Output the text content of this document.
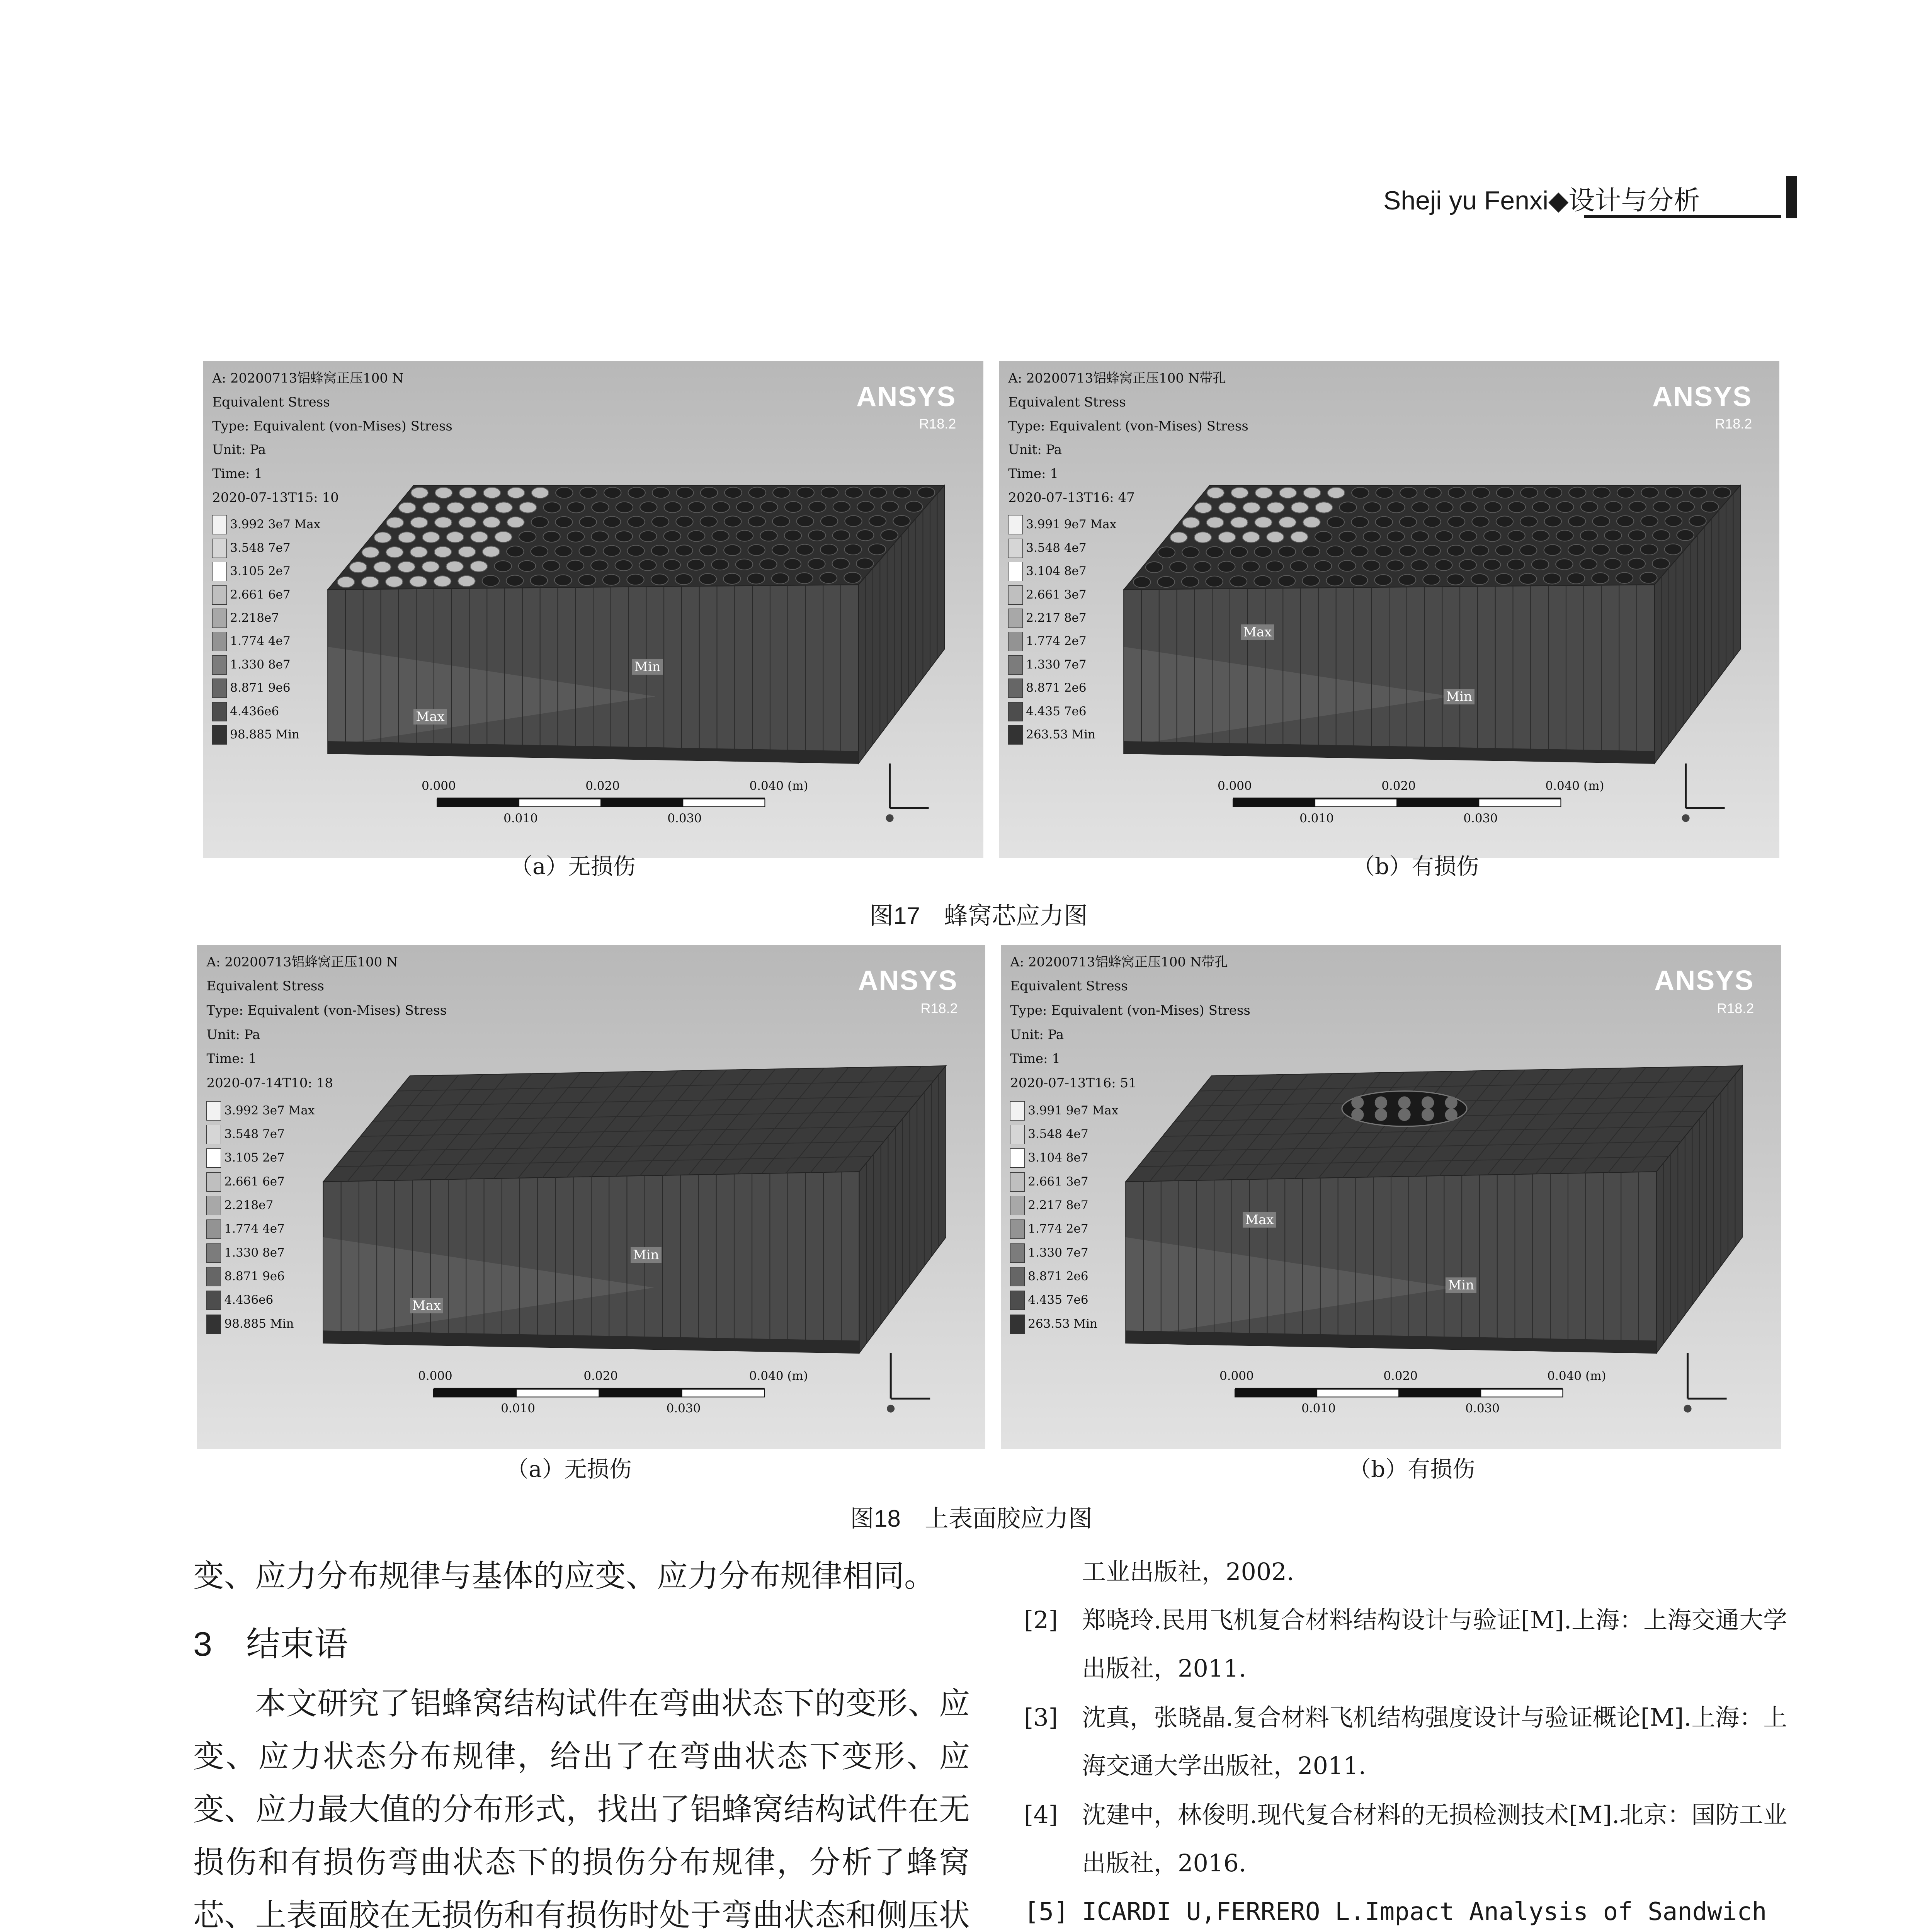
Sheji yu Fenxi◆设计与分析
ANSYS
R18.2
A: 20200713铝蜂窝正压100 N
Equivalent Stress
Type: Equivalent (von-Mises) Stress
Unit: Pa
Time: 1
2020-07-13T15: 10
3.992 3e7 Max
3.548 7e7
3.105 2e7
2.661 6e7
2.218e7
1.774 4e7
1.330 8e7
8.871 9e6
4.436e6
98.885 Min
Min
Max
0.000	0.020	0.040 (m)
0.010	0.030
ANSYS
R18.2
A: 20200713铝蜂窝正压100 N带孔
Equivalent Stress
Type: Equivalent (von-Mises) Stress
Unit: Pa
Time: 1
2020-07-13T16: 47
3.991 9e7 Max
3.548 4e7
3.104 8e7
2.661 3e7
2.217 8e7
1.774 2e7
1.330 7e7
8.871 2e6
4.435 7e6
263.53 Min
Min
Max
0.000	0.020	0.040 (m)
0.010	0.030
（a）无损伤	（b）有损伤
图17　蜂窝芯应力图
ANSYS
R18.2
A: 20200713铝蜂窝正压100 N
Equivalent Stress
Type: Equivalent (von-Mises) Stress
Unit: Pa
Time: 1
2020-07-14T10: 18
3.992 3e7 Max
3.548 7e7
3.105 2e7
2.661 6e7
2.218e7
1.774 4e7
1.330 8e7
8.871 9e6
4.436e6
98.885 Min
Min
Max
0.000	0.020	0.040 (m)
0.010	0.030
ANSYS
R18.2
A: 20200713铝蜂窝正压100 N带孔
Equivalent Stress
Type: Equivalent (von-Mises) Stress
Unit: Pa
Time: 1
2020-07-13T16: 51
3.991 9e7 Max
3.548 4e7
3.104 8e7
2.661 3e7
2.217 8e7
1.774 2e7
1.330 7e7
8.871 2e6
4.435 7e6
263.53 Min
Min
Max
0.000	0.020	0.040 (m)
0.010	0.030
（a）无损伤	（b）有损伤
图18　上表面胶应力图
变、应力分布规律与基体的应变、应力分布规律相同。
3　结束语

本文研究了铝蜂窝结构试件在弯曲状态下的变形、应变、应力状态分布规律，给出了在弯曲状态下变形、应变、应力最大值的分布形式，找出了铝蜂窝结构试件在无损伤和有损伤弯曲状态下的损伤分布规律，分析了蜂窝芯、上表面胶在无损伤和有损伤时处于弯曲状态和侧压状

工业出版社，2002.
[2] 郑晓玲.民用飞机复合材料结构设计与验证[M].上海：上海交通大学出版社，2011.
[3] 沈真，张晓晶.复合材料飞机结构强度设计与验证概论[M].上海：上海交通大学出版社，2011.
[4] 沈建中，林俊明.现代复合材料的无损检测技术[M].北京：国防工业出版社，2016.
[5] ICARDI U,FERRERO L.Impact Analysis of Sandwich
